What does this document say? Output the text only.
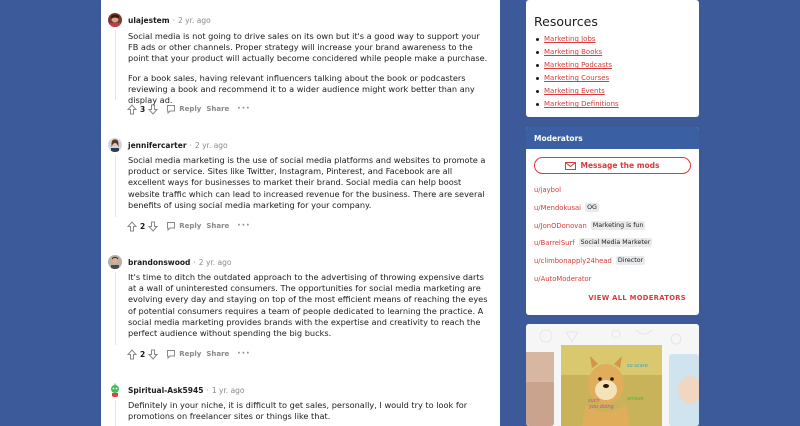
ulajestem · 2 yr. ago

Social media is not going to drive sales on its own but it's a good way to support your FB ads or other channels. Proper strategy will increase your brand awareness to the point that your product will actually become concidered while people make a purchase.

For a book sales, having relevant influencers talking about the book or podcasters reviewing a book and recommend it to a wider audience might work better than any display ad.

3	Reply Share ···
jennifercarter · 2 yr. ago

Social media marketing is the use of social media platforms and websites to promote a product or service. Sites like Twitter, Instagram, Pinterest, and Facebook are all excellent ways for businesses to market their brand. Social media can help boost website traffic which can lead to increased revenue for the business. There are several benefits of using social media marketing for your company.

2	Reply Share ···
brandonswood · 2 yr. ago

It's time to ditch the outdated approach to the advertising of throwing expensive darts at a wall of uninterested consumers. The opportunities for social media marketing are evolving every day and staying on top of the most efficient means of reaching the eyes of potential consumers requires a team of people dedicated to learning the practice. A social media marketing provides brands with the expertise and creativity to reach the perfect audience without spending the big bucks.

2	Reply Share ···
Spiritual-Ask5945 · 1 yr. ago

Definitely in your niche, it is difficult to get sales, personally, I would try to look for promotions on freelancer sites or things like that.

Resources
Marketing Jobs
Marketing Books
Marketing Podcasts
Marketing Courses
Marketing Events
Marketing Definitions
Moderators
Message the mods
u/jaybol
u/Mendokusai OG
u/JonODonovan Marketing is fun
u/BarrelSurf Social Media Marketer
u/climbonapply24head Director
u/AutoModerator
VIEW ALL MODERATORS
so scare
such
you doing
amaze
